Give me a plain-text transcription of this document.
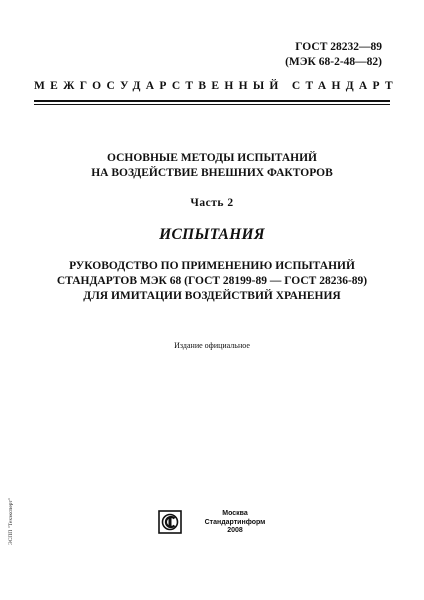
ГОСТ 28232—89
(МЭК 68-2-48—82)
МЕЖГОСУДАРСТВЕННЫЙ СТАНДАРТ
ОСНОВНЫЕ МЕТОДЫ ИСПЫТАНИЙ
НА ВОЗДЕЙСТВИЕ ВНЕШНИХ ФАКТОРОВ
Часть 2
ИСПЫТАНИЯ
РУКОВОДСТВО ПО ПРИМЕНЕНИЮ ИСПЫТАНИЙ
СТАНДАРТОВ МЭК 68 (ГОСТ 28199-89 — ГОСТ 28236-89)
ДЛЯ ИМИТАЦИИ ВОЗДЕЙСТВИЙ ХРАНЕНИЯ
Издание официальное
Москва
Стандартинформ
2008
ЭСПП "Техэксперт"
